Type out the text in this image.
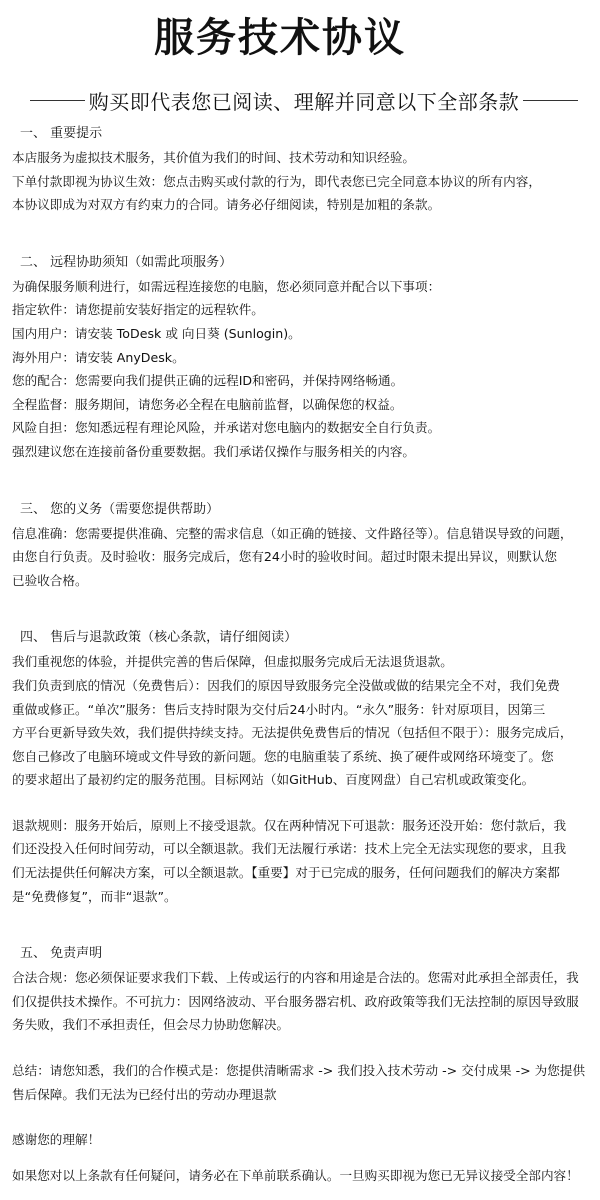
服务技术协议
购买即代表您已阅读、理解并同意以下全部条款

一、 重要提示

本店服务为虚拟技术服务，其价值为我们的时间、技术劳动和知识经验。

下单付款即视为协议生效：您点击购买或付款的行为，即代表您已完全同意本协议的所有内容，

本协议即成为对双方有约束力的合同。请务必仔细阅读，特别是加粗的条款。

二、 远程协助须知（如需此项服务）

为确保服务顺利进行，如需远程连接您的电脑，您必须同意并配合以下事项：

指定软件：请您提前安装好指定的远程软件。

国内用户：请安装 ToDesk 或 向日葵 (Sunlogin)。

海外用户：请安装 AnyDesk。

您的配合：您需要向我们提供正确的远程ID和密码，并保持网络畅通。

全程监督：服务期间，请您务必全程在电脑前监督，以确保您的权益。

风险自担：您知悉远程有理论风险，并承诺对您电脑内的数据安全自行负责。

强烈建议您在连接前备份重要数据。我们承诺仅操作与服务相关的内容。

三、 您的义务（需要您提供帮助）

信息准确：您需要提供准确、完整的需求信息（如正确的链接、文件路径等）。信息错误导致的问题，

由您自行负责。及时验收：服务完成后，您有24小时的验收时间。超过时限未提出异议，则默认您

已验收合格。

四、 售后与退款政策（核心条款，请仔细阅读）

我们重视您的体验，并提供完善的售后保障，但虚拟服务完成后无法退货退款。

我们负责到底的情况（免费售后）：因我们的原因导致服务完全没做或做的结果完全不对，我们免费

重做或修正。“单次”服务：售后支持时限为交付后24小时内。“永久”服务：针对原项目，因第三

方平台更新导致失效，我们提供持续支持。无法提供免费售后的情况（包括但不限于）：服务完成后，

您自己修改了电脑环境或文件导致的新问题。您的电脑重装了系统、换了硬件或网络环境变了。您

的要求超出了最初约定的服务范围。目标网站（如GitHub、百度网盘）自己宕机或政策变化。

退款规则：服务开始后，原则上不接受退款。仅在两种情况下可退款：服务还没开始：您付款后，我

们还没投入任何时间劳动，可以全额退款。我们无法履行承诺：技术上完全无法实现您的要求，且我

们无法提供任何解决方案，可以全额退款。【重要】对于已完成的服务，任何问题我们的解决方案都

是“免费修复”，而非“退款”。

五、 免责声明

合法合规：您必须保证要求我们下载、上传或运行的内容和用途是合法的。您需对此承担全部责任，我

们仅提供技术操作。不可抗力：因网络波动、平台服务器宕机、政府政策等我们无法控制的原因导致服

务失败，我们不承担责任，但会尽力协助您解决。

总结：请您知悉，我们的合作模式是：您提供清晰需求 -> 我们投入技术劳动 -> 交付成果 -> 为您提供

售后保障。我们无法为已经付出的劳动办理退款

感谢您的理解！

如果您对以上条款有任何疑问，请务必在下单前联系确认。一旦购买即视为您已无异议接受全部内容！
